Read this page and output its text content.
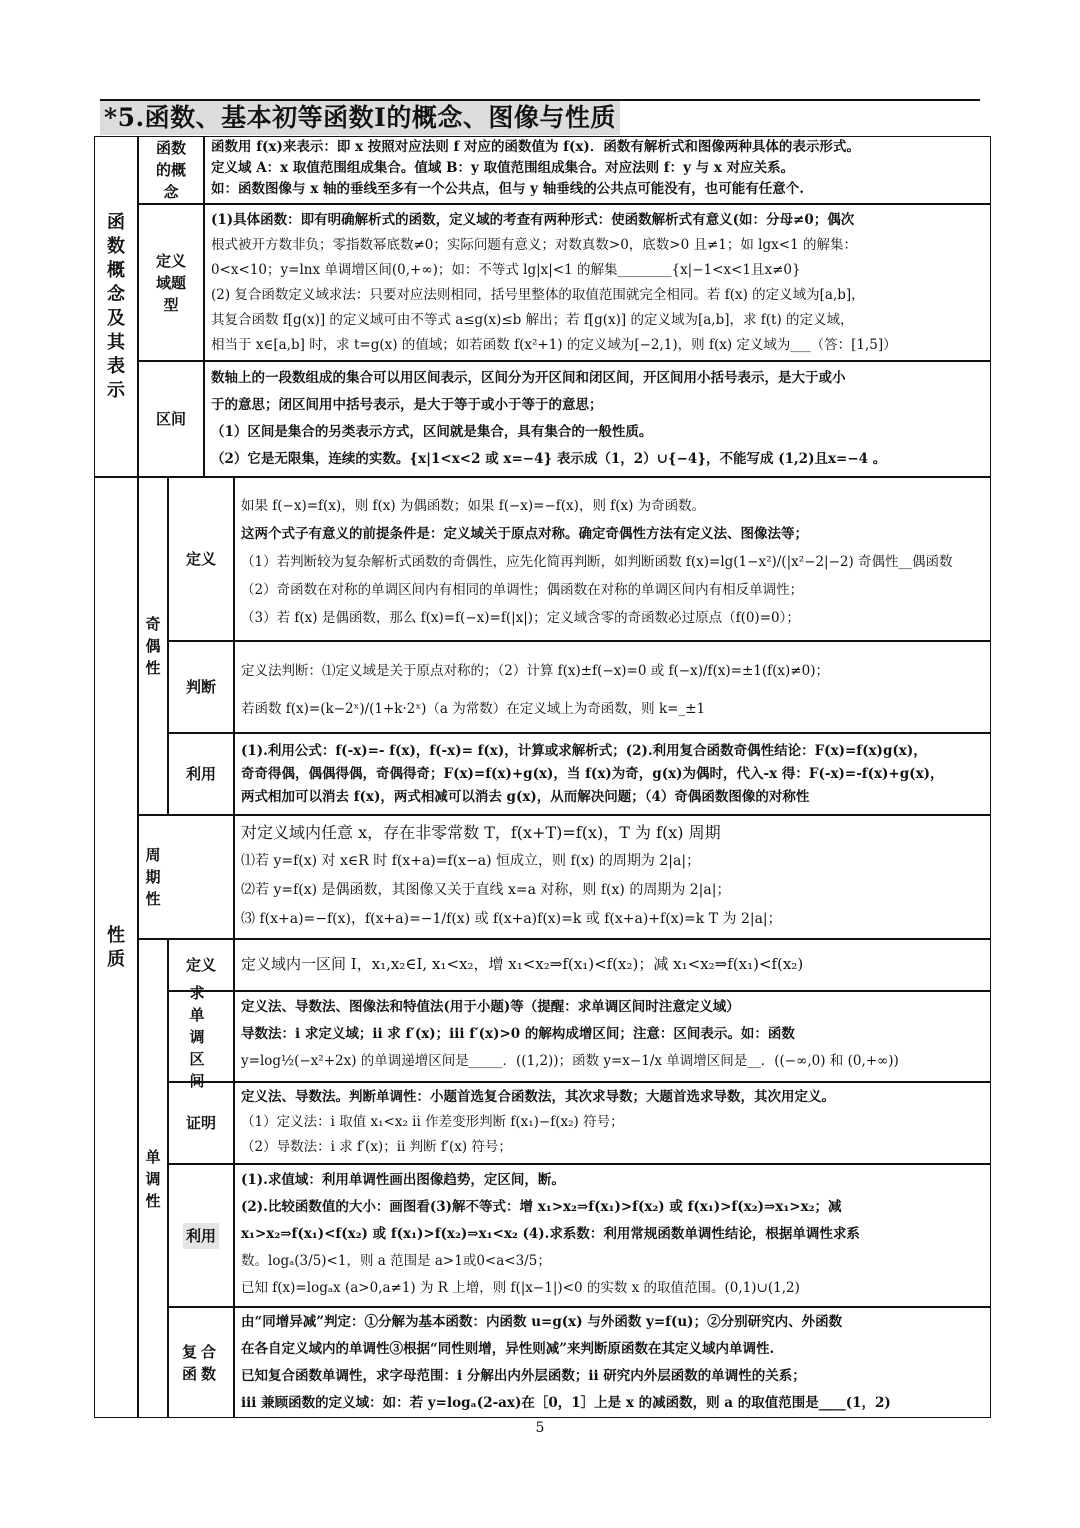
*5.函数、基本初等函数Ⅰ的概念、图像与性质
函数概念及其表示
函数的概念

函数用 f(x)来表示：即 x 按照对应法则 f 对应的函数值为 f(x)．函数有解析式和图像两种具体的表示形式。

定义域 A：x 取值范围组成集合。值域 B：y 取值范围组成集合。对应法则 f：y 与 x 对应关系。

如：函数图像与 x 轴的垂线至多有一个公共点，但与 y 轴垂线的公共点可能没有，也可能有任意个.

定义域题型

(1)具体函数：即有明确解析式的函数，定义域的考查有两种形式：使函数解析式有意义(如：分母≠0；偶次

根式被开方数非负；零指数幂底数≠0；实际问题有意义；对数真数>0，底数>0 且≠1；如 lgx<1 的解集：

0<x<10；y=lnx 单调增区间(0,+∞)；如：不等式 lg|x|<1 的解集________{x|−1<x<1且x≠0}

(2) 复合函数定义域求法：只要对应法则相同，括号里整体的取值范围就完全相同。若 f(x) 的定义域为[a,b]，

其复合函数 f[g(x)] 的定义域可由不等式 a≤g(x)≤b 解出；若 f[g(x)] 的定义域为[a,b]，求 f(t) 的定义域，

相当于 x∈[a,b] 时，求 t=g(x) 的值域；如若函数 f(x²+1) 的定义域为[−2,1)，则 f(x) 定义域为___（答：[1,5]）

区间

数轴上的一段数组成的集合可以用区间表示，区间分为开区间和闭区间，开区间用小括号表示，是大于或小

于的意思；闭区间用中括号表示，是大于等于或小于等于的意思；

（1）区间是集合的另类表示方式，区间就是集合，具有集合的一般性质。

（2）它是无限集，连续的实数。{x|1<x<2 或 x=−4} 表示成（1，2）∪{−4}，不能写成 (1,2)且x=−4 。

性质
奇偶性
定义

如果 f(−x)=f(x)，则 f(x) 为偶函数；如果 f(−x)=−f(x)，则 f(x) 为奇函数。

这两个式子有意义的前提条件是：定义域关于原点对称。确定奇偶性方法有定义法、图像法等；

（1）若判断较为复杂解析式函数的奇偶性，应先化简再判断，如判断函数 f(x)=lg(1−x²)/(|x²−2|−2) 奇偶性__偶函数

（2）奇函数在对称的单调区间内有相同的单调性；偶函数在对称的单调区间内有相反单调性；

（3）若 f(x) 是偶函数，那么 f(x)=f(−x)=f(|x|)；定义域含零的奇函数必过原点（f(0)=0）；

判断

定义法判断：⑴定义域是关于原点对称的；（2）计算 f(x)±f(−x)=0 或 f(−x)/f(x)=±1(f(x)≠0)；

若函数 f(x)=(k−2ˣ)/(1+k·2ˣ)（a 为常数）在定义域上为奇函数，则 k=_±1

利用

(1).利用公式：f(-x)=- f(x)，f(-x)= f(x)，计算或求解析式；(2).利用复合函数奇偶性结论：F(x)=f(x)g(x)，

奇奇得偶，偶偶得偶，奇偶得奇；F(x)=f(x)+g(x)，当 f(x)为奇，g(x)为偶时，代入-x 得：F(-x)=-f(x)+g(x)，

两式相加可以消去 f(x)，两式相减可以消去 g(x)，从而解决问题；（4）奇偶函数图像的对称性

周期性

对定义域内任意 x，存在非零常数 T，f(x+T)=f(x)，T 为 f(x) 周期

⑴若 y=f(x) 对 x∈R 时 f(x+a)=f(x−a) 恒成立，则 f(x) 的周期为 2|a|；

⑵若 y=f(x) 是偶函数，其图像又关于直线 x=a 对称，则 f(x) 的周期为 2|a|；

⑶ f(x+a)=−f(x)，f(x+a)=−1/f(x) 或 f(x+a)f(x)=k 或 f(x+a)+f(x)=k T 为 2|a|；

单调性
定义 定义域内一区间 I，x₁,x₂∈I, x₁<x₂，增 x₁<x₂⇒f(x₁)<f(x₂)；减 x₁<x₂⇒f(x₁)<f(x₂)

求单调区间

定义法、导数法、图像法和特值法(用于小题)等（提醒：求单调区间时注意定义域）

导数法：i 求定义域；ii 求 f′(x)；iii f′(x)>0 的解构成增区间；注意：区间表示。如：函数

y=log½(−x²+2x) 的单调递增区间是_____．((1,2))；函数 y=x−1/x 单调增区间是__．((−∞,0) 和 (0,+∞))

证明

定义法、导数法。判断单调性：小题首选复合函数法，其次求导数；大题首选求导数，其次用定义。

（1）定义法：i 取值 x₁<x₂ ii 作差变形判断 f(x₁)−f(x₂) 符号；

（2）导数法：i 求 f′(x)；ii 判断 f′(x) 符号；

利用

(1).求值域：利用单调性画出图像趋势，定区间，断。

(2).比较函数值的大小：画图看(3)解不等式：增 x₁>x₂⇒f(x₁)>f(x₂) 或 f(x₁)>f(x₂)⇒x₁>x₂；减

x₁>x₂⇒f(x₁)<f(x₂) 或 f(x₁)>f(x₂)⇒x₁<x₂ (4).求系数：利用常规函数单调性结论，根据单调性求系

数。logₐ(3/5)<1，则 a 范围是 a>1或0<a<3/5；

已知 f(x)=logₐx (a>0,a≠1) 为 R 上增，则 f(|x−1|)<0 的实数 x 的取值范围。(0,1)∪(1,2)

复合函数

由“同增异减”判定：①分解为基本函数：内函数 u=g(x) 与外函数 y=f(u)；②分别研究内、外函数

在各自定义域内的单调性③根据“同性则增，异性则减”来判断原函数在其定义域内单调性.

已知复合函数单调性，求字母范围：i 分解出内外层函数；ii 研究内外层函数的单调性的关系；

iii 兼顾函数的定义域：如：若 y=logₐ(2-ax)在［0，1］上是 x 的减函数，则 a 的取值范围是____(1，2)

5
